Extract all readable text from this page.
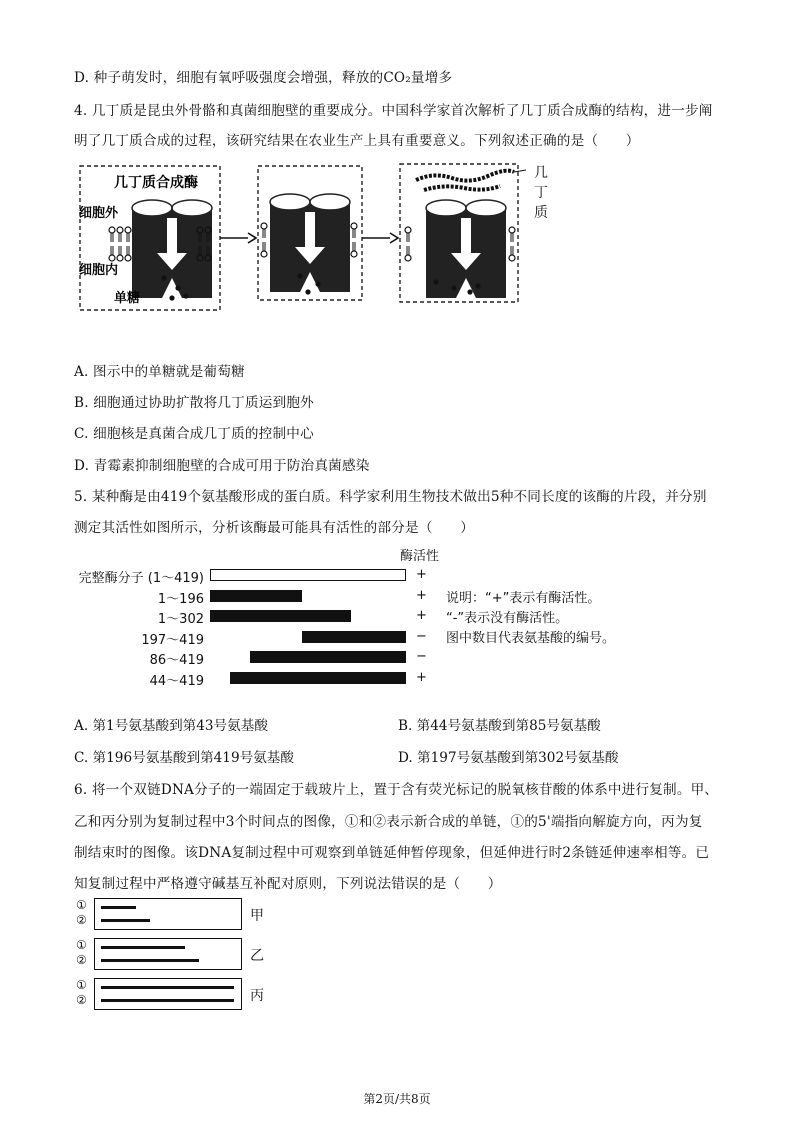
D. 种子萌发时，细胞有氧呼吸强度会增强，释放的CO₂量增多
4. 几丁质是昆虫外骨骼和真菌细胞壁的重要成分。中国科学家首次解析了几丁质合成酶的结构，进一步阐
明了几丁质合成的过程，该研究结果在农业生产上具有重要意义。下列叙述正确的是（　　）
几丁质合成酶
细胞外
细胞内
单糖
几丁质
A. 图示中的单糖就是葡萄糖
B. 细胞通过协助扩散将几丁质运到胞外
C. 细胞核是真菌合成几丁质的控制中心
D. 青霉素抑制细胞壁的合成可用于防治真菌感染
5. 某种酶是由419个氨基酸形成的蛋白质。科学家利用生物技术做出5种不同长度的该酶的片段，并分别
测定其活性如图所示，分析该酶最可能具有活性的部分是（　　）
酶活性
完整酶分子 (1～419)	+
1～196	+
1～302	+
197～419	−
86～419	−
44～419	+
说明：“+”表示有酶活性。
“-”表示没有酶活性。
图中数目代表氨基酸的编号。
A. 第1号氨基酸到第43号氨基酸	B. 第44号氨基酸到第85号氨基酸
C. 第196号氨基酸到第419号氨基酸	D. 第197号氨基酸到第302号氨基酸
6. 将一个双链DNA分子的一端固定于载玻片上，置于含有荧光标记的脱氧核苷酸的体系中进行复制。甲、
乙和丙分别为复制过程中3个时间点的图像，①和②表示新合成的单链，①的5'端指向解旋方向，丙为复
制结束时的图像。该DNA复制过程中可观察到单链延伸暂停现象，但延伸进行时2条链延伸速率相等。已
知复制过程中严格遵守碱基互补配对原则，下列说法错误的是（　　）
①
②	甲
①
②	乙
①
②	丙
第2页/共8页
